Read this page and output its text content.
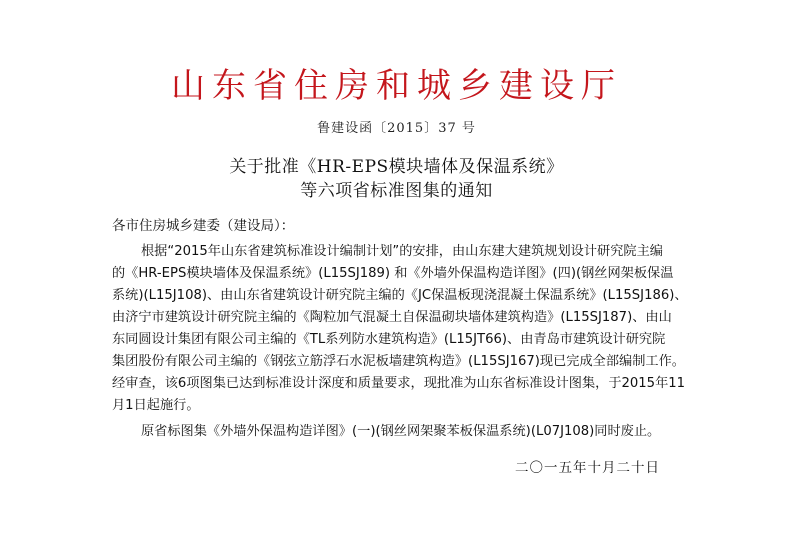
山东省住房和城乡建设厅
鲁建设函〔2015〕37 号
关于批准《HR-EPS模块墙体及保温系统》
等六项省标准图集的通知
各市住房城乡建委（建设局）：
根据“2015年山东省建筑标准设计编制计划”的安排，由山东建大建筑规划设计研究院主编
的《HR-EPS模块墙体及保温系统》(L15SJ189) 和《外墙外保温构造详图》(四)(钢丝网架板保温
系统)(L15J108)、由山东省建筑设计研究院主编的《JC保温板现浇混凝土保温系统》(L15SJ186)、
由济宁市建筑设计研究院主编的《陶粒加气混凝土自保温砌块墙体建筑构造》(L15SJ187)、由山
东同圆设计集团有限公司主编的《TL系列防水建筑构造》(L15JT66)、由青岛市建筑设计研究院
集团股份有限公司主编的《钢弦立筋浮石水泥板墙建筑构造》(L15SJ167)现已完成全部编制工作。
经审查，该6项图集已达到标准设计深度和质量要求，现批准为山东省标准设计图集，于2015年11
月1日起施行。
原省标图集《外墙外保温构造详图》(一)(钢丝网架聚苯板保温系统)(L07J108)同时废止。
二〇一五年十月二十日
